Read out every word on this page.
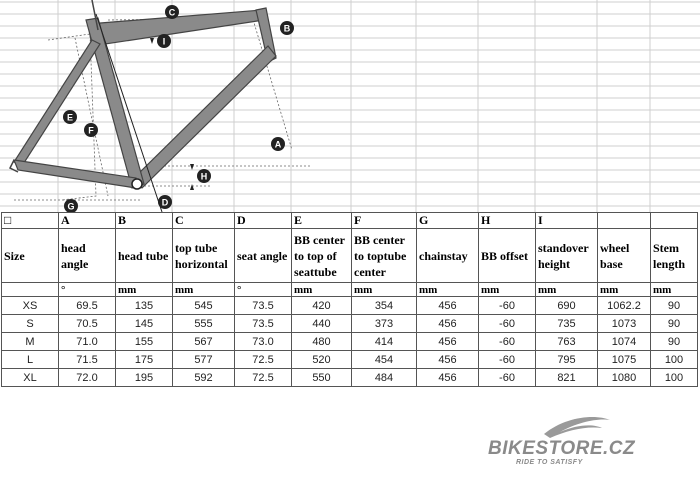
A
B
C
D
E
F
G
H
I
□	A	B	C	D	E	F	G	H	I		
Size	head angle	head tube	top tube horizontal	seat angle	BB center to top of seattube	BB center to toptube center	chainstay	BB offset	standover height	wheel base	Stem length
	°	mm	mm	°	mm	mm	mm	mm	mm	mm	mm
XS	69.5	135	545	73.5	420	354	456	-60	690	1062.2	90
S	70.5	145	555	73.5	440	373	456	-60	735	1073	90
M	71.0	155	567	73.0	480	414	456	-60	763	1074	90
L	71.5	175	577	72.5	520	454	456	-60	795	1075	100
XL	72.0	195	592	72.5	550	484	456	-60	821	1080	100
BIKESTORE.CZ
RIDE TO SATISFY
